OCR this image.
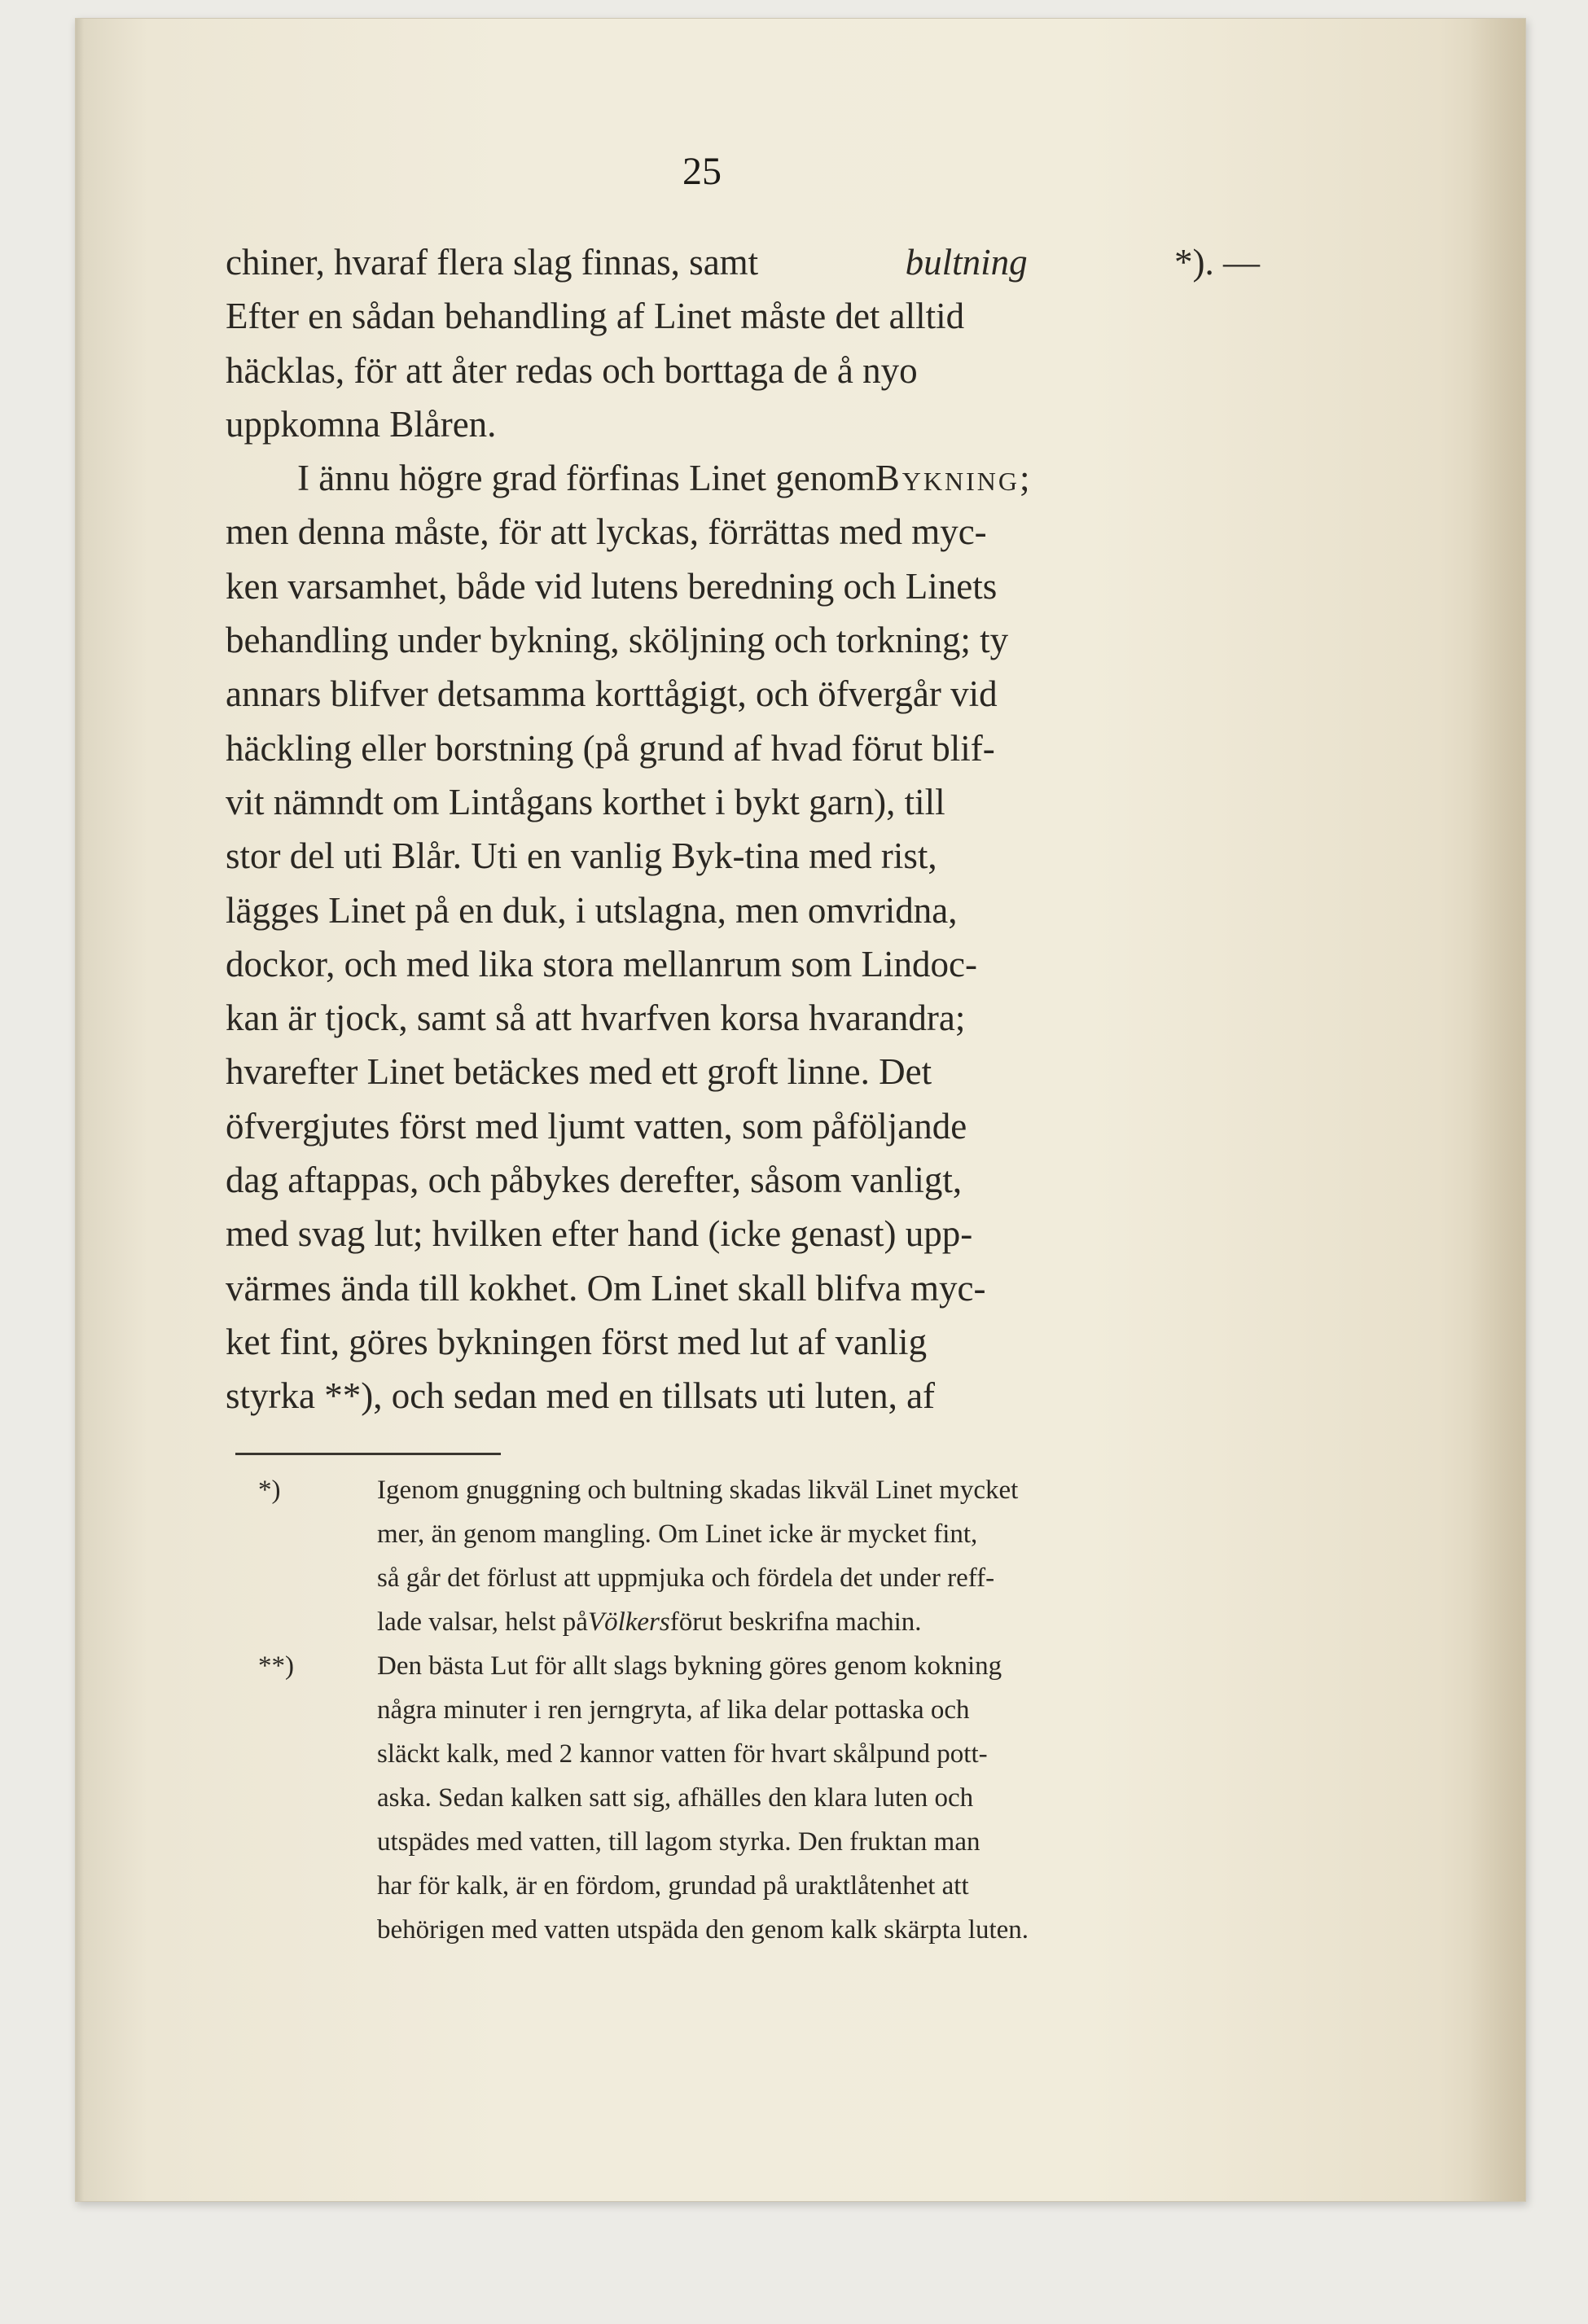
25
chiner, hvaraf flera slag finnas, samt	bultning	*). —
Efter en sådan behandling af Linet måste det alltid
häcklas, för att åter redas och borttaga de å nyo
uppkomna Blåren.
I ännu högre grad förfinas Linet genom Bykning ;
men denna måste, för att lyckas, förrättas med myc-
ken varsamhet, både vid lutens beredning och Linets
behandling under bykning, sköljning och torkning; ty
annars blifver detsamma korttågigt, och öfvergår vid
häckling eller borstning (på grund af hvad förut blif-
vit nämndt om Lintågans korthet i bykt garn), till
stor del uti Blår. Uti en vanlig Byk-tina med rist,
lägges Linet på en duk, i utslagna, men omvridna,
dockor, och med lika stora mellanrum som Lindoc-
kan är tjock, samt så att hvarfven korsa hvarandra;
hvarefter Linet betäckes med ett groft linne. Det
öfvergjutes först med ljumt vatten, som påföljande
dag aftappas, och påbykes derefter, såsom vanligt,
med svag lut; hvilken efter hand (icke genast) upp-
värmes ända till kokhet. Om Linet skall blifva myc-
ket fint, göres bykningen först med lut af vanlig
styrka **), och sedan med en tillsats uti luten, af
*)	Igenom gnuggning och bultning skadas likväl Linet mycket
mer, än genom mangling. Om Linet icke är mycket fint,
så går det förlust att uppmjuka och fördela det under reff-
lade valsar, helst på Völkers förut beskrifna machin.
**)	Den bästa Lut för allt slags bykning göres genom kokning
några minuter i ren jerngryta, af lika delar pottaska och
släckt kalk, med 2 kannor vatten för hvart skålpund pott-
aska. Sedan kalken satt sig, afhälles den klara luten och
utspädes med vatten, till lagom styrka. Den fruktan man
har för kalk, är en fördom, grundad på uraktlåtenhet att
behörigen med vatten utspäda den genom kalk skärpta luten.
